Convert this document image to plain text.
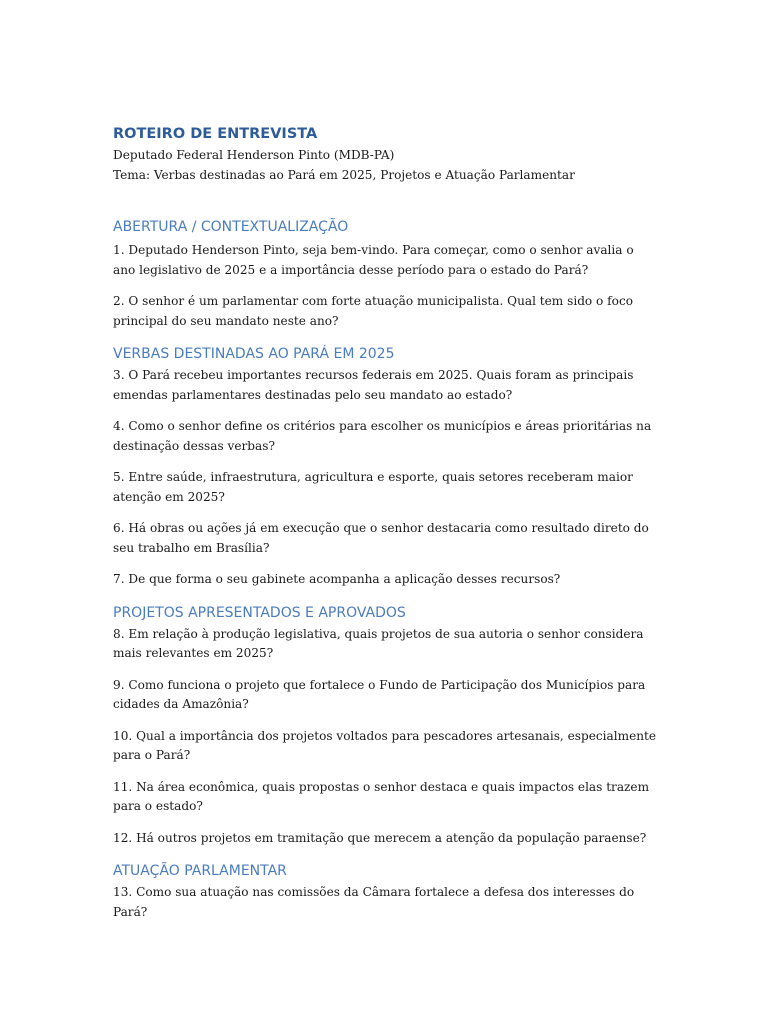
ROTEIRO DE ENTREVISTA

Deputado Federal Henderson Pinto (MDB-PA)

Tema: Verbas destinadas ao Pará em 2025, Projetos e Atuação Parlamentar

ABERTURA / CONTEXTUALIZAÇÃO

1. Deputado Henderson Pinto, seja bem-vindo. Para começar, como o senhor avalia o ano legislativo de 2025 e a importância desse período para o estado do Pará?

2. O senhor é um parlamentar com forte atuação municipalista. Qual tem sido o foco principal do seu mandato neste ano?

VERBAS DESTINADAS AO PARÁ EM 2025

3. O Pará recebeu importantes recursos federais em 2025. Quais foram as principais emendas parlamentares destinadas pelo seu mandato ao estado?

4. Como o senhor define os critérios para escolher os municípios e áreas prioritárias na destinação dessas verbas?

5. Entre saúde, infraestrutura, agricultura e esporte, quais setores receberam maior atenção em 2025?

6. Há obras ou ações já em execução que o senhor destacaria como resultado direto do seu trabalho em Brasília?

7. De que forma o seu gabinete acompanha a aplicação desses recursos?

PROJETOS APRESENTADOS E APROVADOS

8. Em relação à produção legislativa, quais projetos de sua autoria o senhor considera mais relevantes em 2025?

9. Como funciona o projeto que fortalece o Fundo de Participação dos Municípios para cidades da Amazônia?

10. Qual a importância dos projetos voltados para pescadores artesanais, especialmente para o Pará?

11. Na área econômica, quais propostas o senhor destaca e quais impactos elas trazem para o estado?

12. Há outros projetos em tramitação que merecem a atenção da população paraense?

ATUAÇÃO PARLAMENTAR

13. Como sua atuação nas comissões da Câmara fortalece a defesa dos interesses do Pará?
